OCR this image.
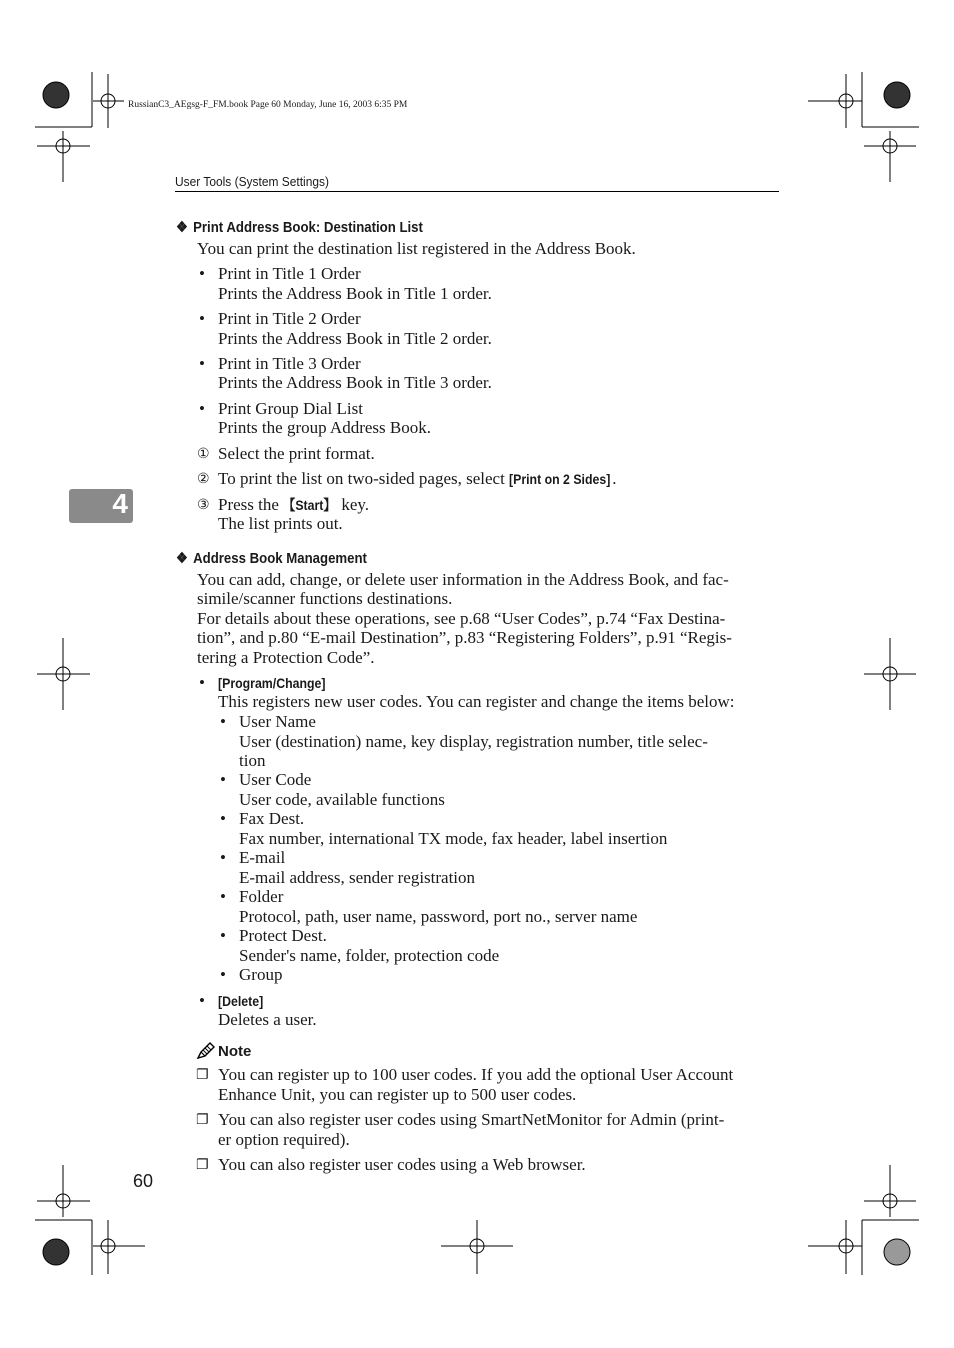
RussianC3_AEgsg-F_FM.book Page 60 Monday, June 16, 2003 6:35 PM
User Tools (System Settings)
4
❖ Print Address Book: Destination List
You can print the destination list registered in the Address Book.
• Print in Title 1 Order
Prints the Address Book in Title 1 order.
• Print in Title 2 Order
Prints the Address Book in Title 2 order.
• Print in Title 3 Order
Prints the Address Book in Title 3 order.
• Print Group Dial List
Prints the group Address Book.
① Select the print format.
② To print the list on two-sided pages, select [Print on 2 Sides] .
③ Press the 【Start】 key.
The list prints out.
❖ Address Book Management
You can add, change, or delete user information in the Address Book, and fac-
simile/scanner functions destinations.
For details about these operations, see p.68 “User Codes”, p.74 “Fax Destina-
tion”, and p.80 “E-mail Destination”, p.83 “Registering Folders”, p.91 “Regis-
tering a Protection Code”.
• [Program/Change]
This registers new user codes. You can register and change the items below:
• User Name
User (destination) name, key display, registration number, title selec-
tion
• User Code
User code, available functions
• Fax Dest.
Fax number, international TX mode, fax header, label insertion
• E-mail
E-mail address, sender registration
• Folder
Protocol, path, user name, password, port no., server name
• Protect Dest.
Sender's name, folder, protection code
• Group
• [Delete]
Deletes a user.
Note
❐ You can register up to 100 user codes. If you add the optional User Account
Enhance Unit, you can register up to 500 user codes.
❐ You can also register user codes using SmartNetMonitor for Admin (print-
er option required).
❐ You can also register user codes using a Web browser.
60
